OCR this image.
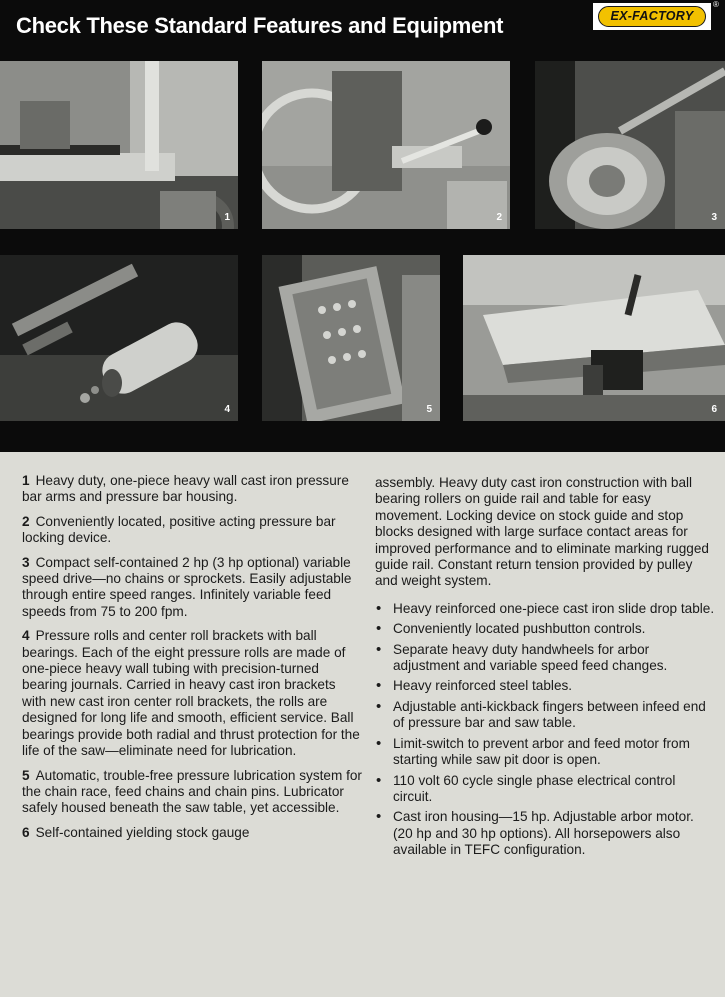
Check These Standard Features and Equipment	EX-FACTORY
®
1	2	3
4	5	6

1 Heavy duty, one-piece heavy wall cast iron pressure bar arms and pressure bar housing.

2 Conveniently located, positive acting pressure bar locking device.

3 Compact self-contained 2 hp (3 hp optional) variable speed drive—no chains or sprockets. Easily adjustable through entire speed ranges. Infinitely variable feed speeds from 75 to 200 fpm.

4 Pressure rolls and center roll brackets with ball bearings. Each of the eight pressure rolls are made of one-piece heavy wall tubing with precision-turned bearing journals. Carried in heavy cast iron brackets with new cast iron center roll brackets, the rolls are designed for long life and smooth, efficient service. Ball bearings provide both radial and thrust protection for the life of the saw—eliminate need for lubrication.

5 Automatic, trouble-free pressure lubrication system for the chain race, feed chains and chain pins. Lubricator safely housed beneath the saw table, yet accessible.

6 Self-contained yielding stock gauge

assembly. Heavy duty cast iron construction with ball bearing rollers on guide rail and table for easy movement. Locking device on stock guide and stop blocks designed with large surface contact areas for improved performance and to eliminate marking rugged guide rail. Constant return tension provided by pulley and weight system.

• Heavy reinforced one-piece cast iron slide drop table.
• Conveniently located pushbutton controls.
• Separate heavy duty handwheels for arbor adjustment and variable speed feed changes.
• Heavy reinforced steel tables.
• Adjustable anti-kickback fingers between infeed end of pressure bar and saw table.
• Limit-switch to prevent arbor and feed motor from starting while saw pit door is open.
• 110 volt 60 cycle single phase electrical control circuit.
• Cast iron housing—15 hp. Adjustable arbor motor. (20 hp and 30 hp options). All horsepowers also available in TEFC configuration.
